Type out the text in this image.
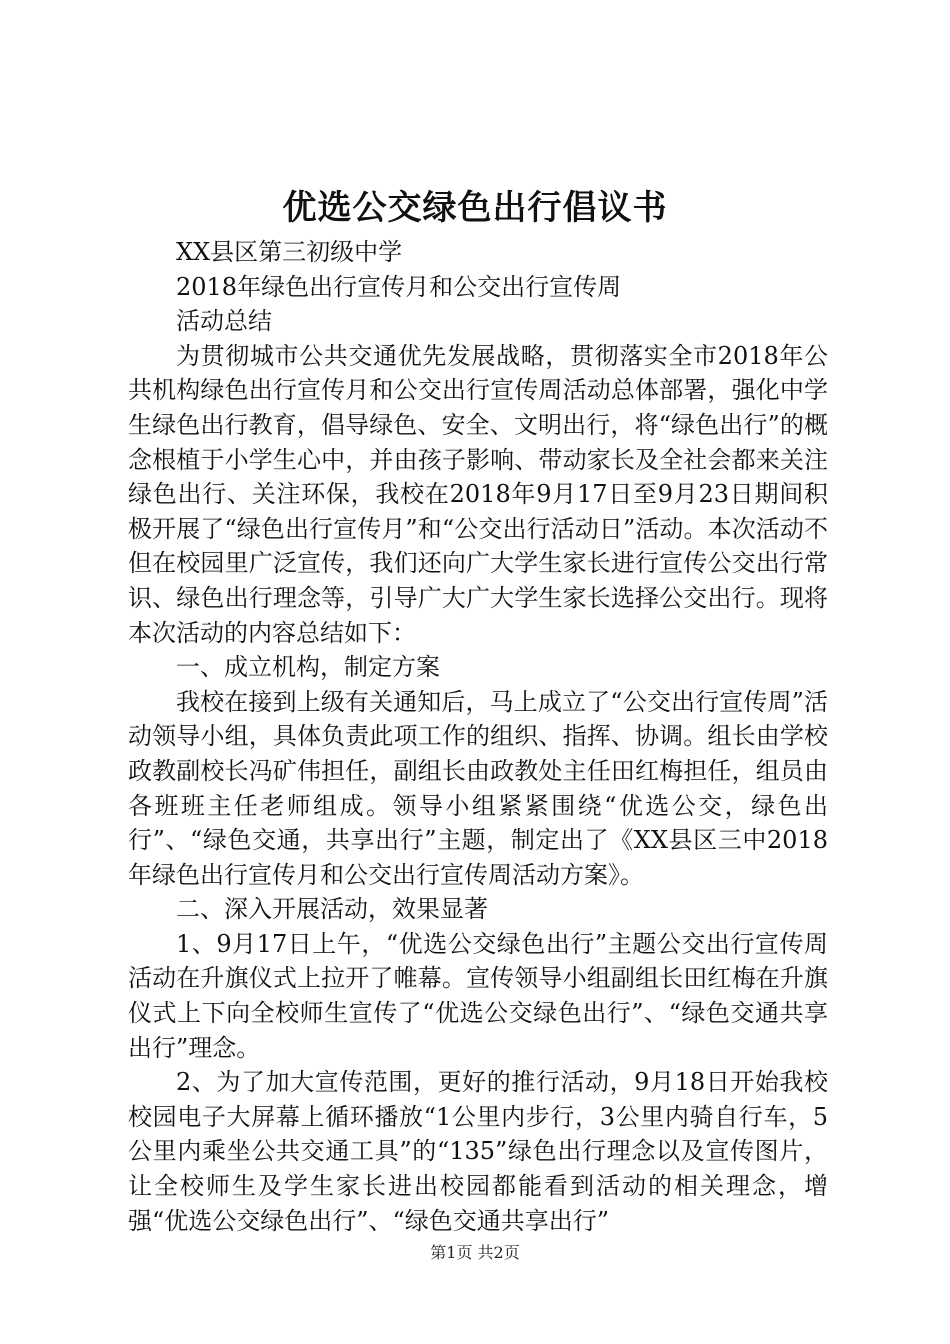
优选公交绿色出行倡议书

XX县区第三初级中学

2018年绿色出行宣传月和公交出行宣传周

活动总结

为贯彻城市公共交通优先发展战略，贯彻落实全市2018年公共机构绿色出行宣传月和公交出行宣传周活动总体部署，强化中学生绿色出行教育，倡导绿色、安全、文明出行，将“绿色出行”的概念根植于小学生心中，并由孩子影响、带动家长及全社会都来关注绿色出行、关注环保，我校在2018年9月17日至9月23日期间积极开展了“绿色出行宣传月”和“公交出行活动日”活动。本次活动不但在校园里广泛宣传，我们还向广大学生家长进行宣传公交出行常识、绿色出行理念等，引导广大广大学生家长选择公交出行。现将本次活动的内容总结如下：

一、成立机构，制定方案

我校在接到上级有关通知后，马上成立了“公交出行宣传周”活动领导小组，具体负责此项工作的组织、指挥、协调。组长由学校政教副校长冯矿伟担任，副组长由政教处主任田红梅担任，组员由各班班主任老师组成。领导小组紧紧围绕“优选公交，绿色出行”、“绿色交通，共享出行”主题，制定出了《XX县区三中2018年绿色出行宣传月和公交出行宣传周活动方案》。

二、深入开展活动，效果显著

1、9月17日上午，“优选公交绿色出行”主题公交出行宣传周活动在升旗仪式上拉开了帷幕。宣传领导小组副组长田红梅在升旗仪式上下向全校师生宣传了“优选公交绿色出行”、“绿色交通共享出行”理念。

2、为了加大宣传范围，更好的推行活动，9月18日开始我校校园电子大屏幕上循环播放“1公里内步行，3公里内骑自行车，5公里内乘坐公共交通工具”的“135”绿色出行理念以及宣传图片，让全校师生及学生家长进出校园都能看到活动的相关理念，增强“优选公交绿色出行”、“绿色交通共享出行”

第1页 共2页
